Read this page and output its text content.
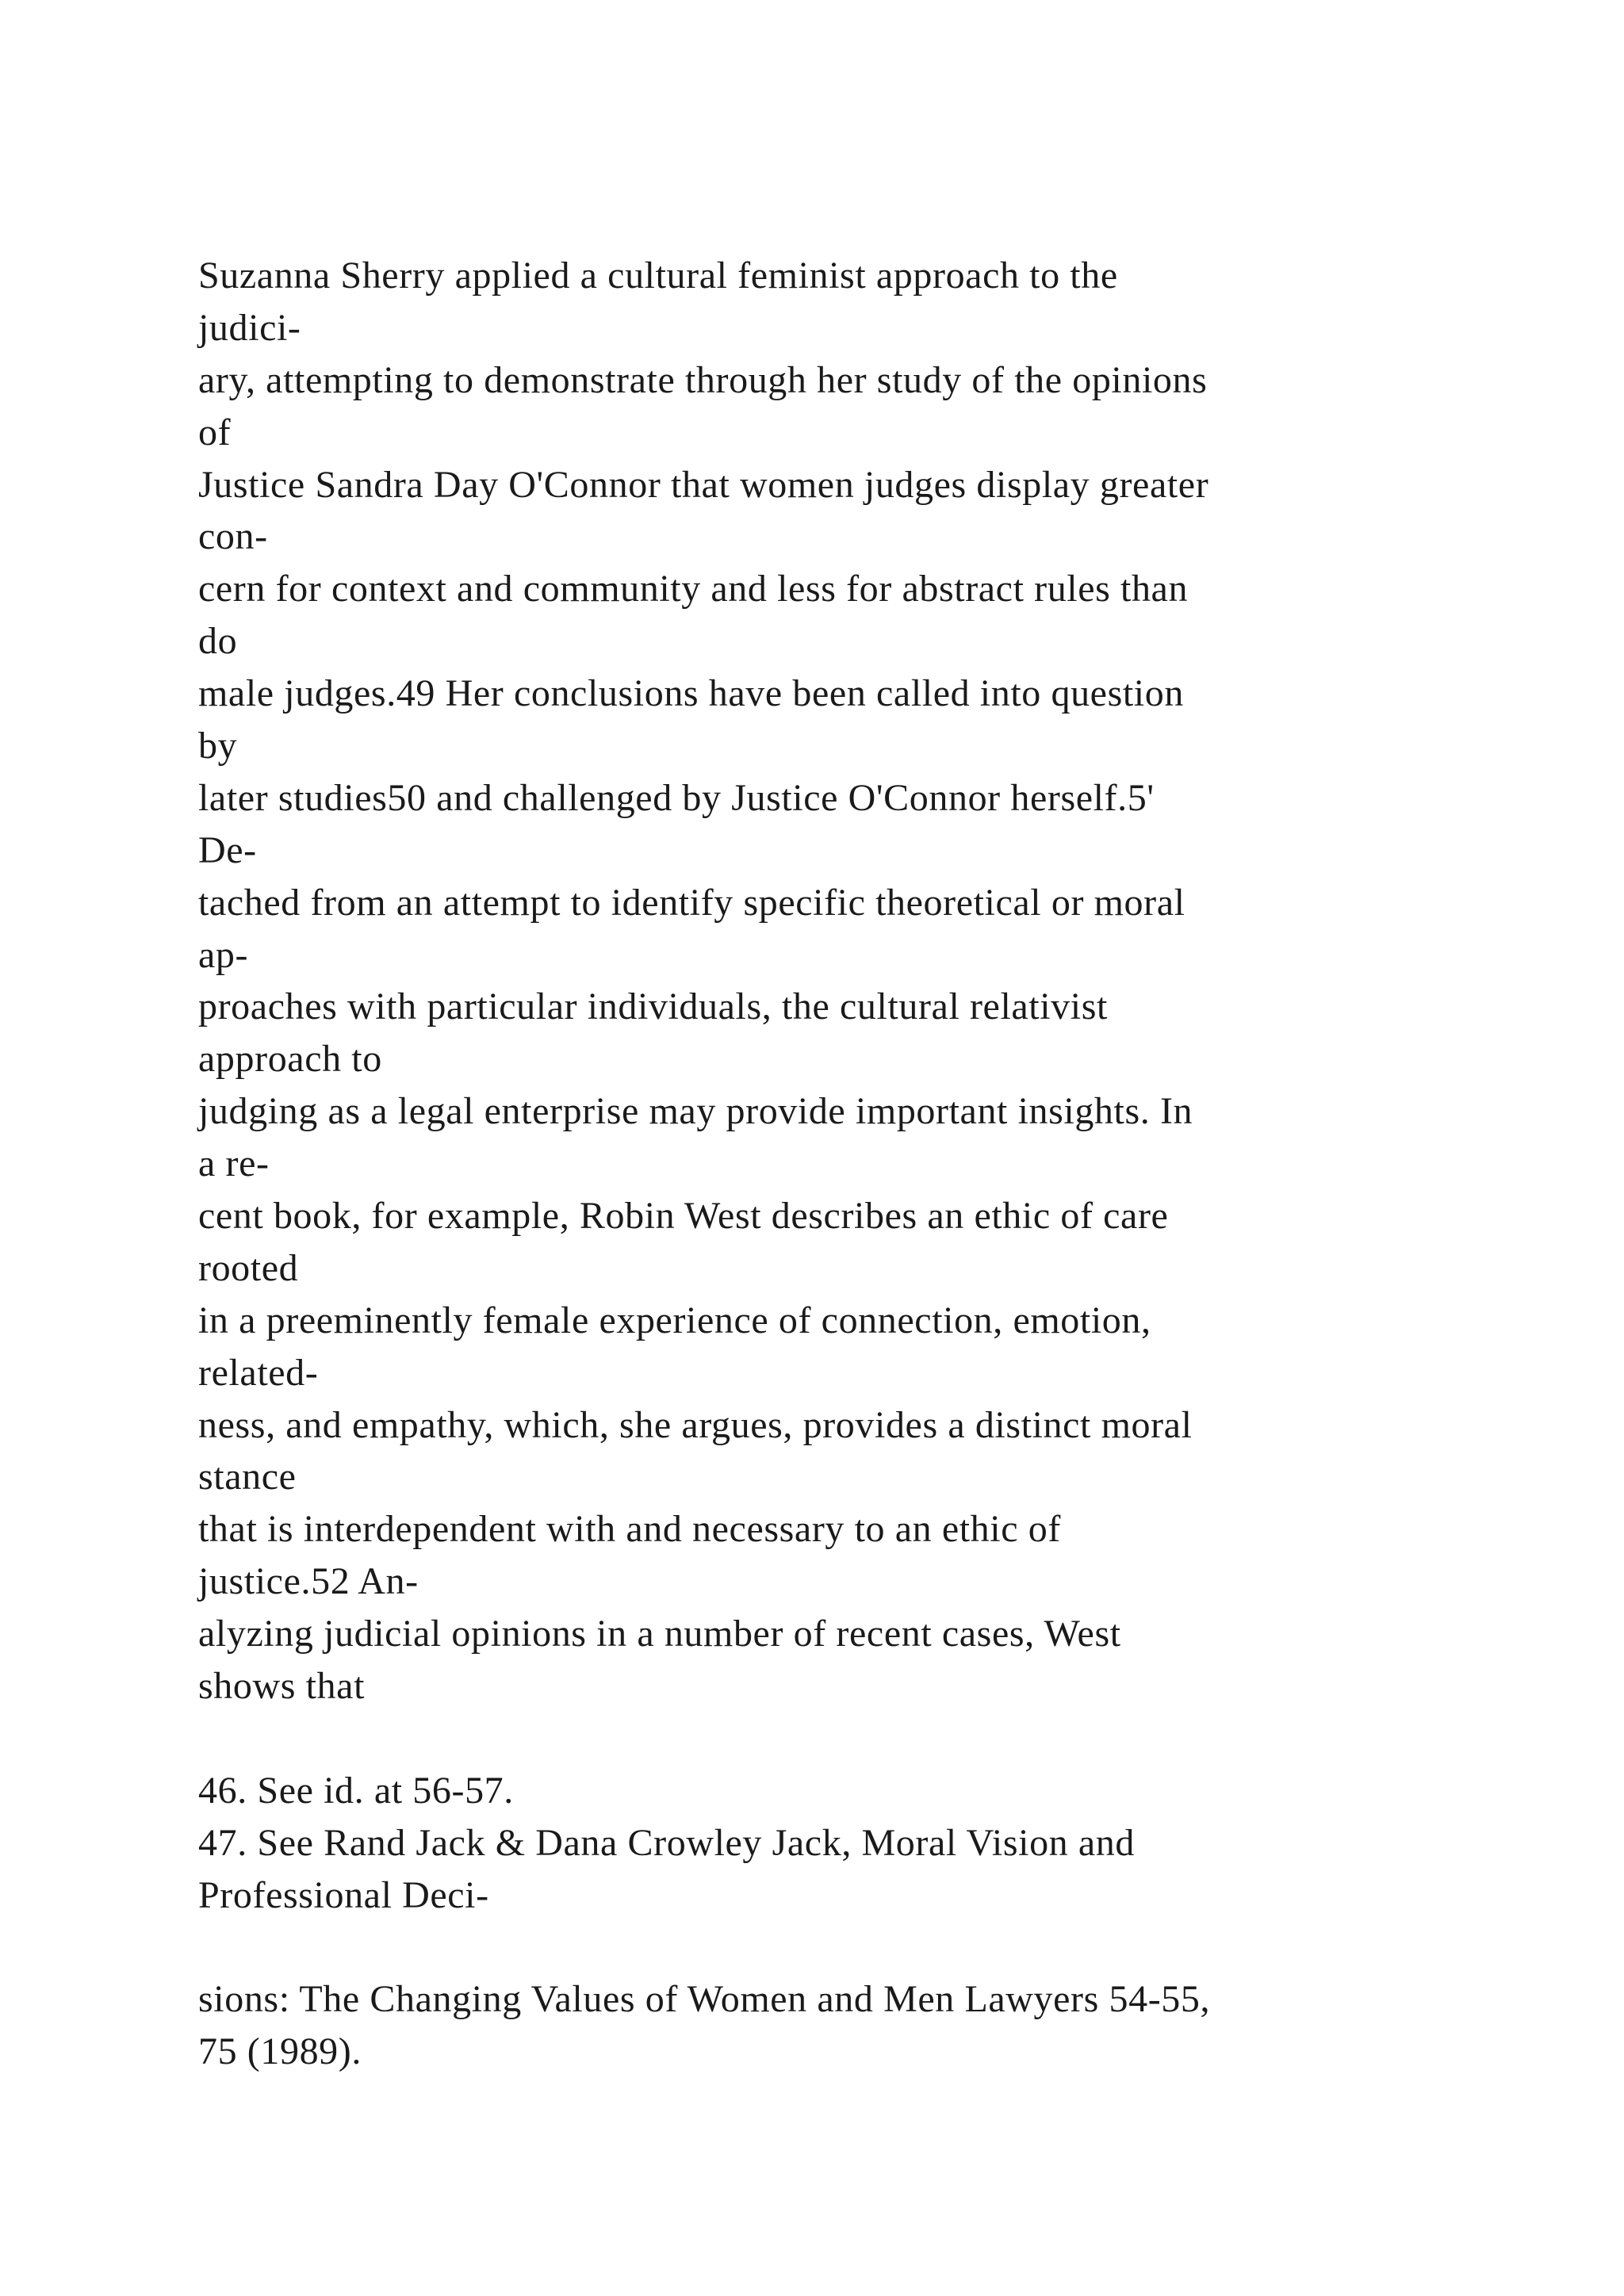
Suzanna Sherry applied a cultural feminist approach to the
judici-
ary, attempting to demonstrate through her study of the opinions
of
Justice Sandra Day O'Connor that women judges display greater
con-
cern for context and community and less for abstract rules than
do
male judges.49 Her conclusions have been called into question
by
later studies50 and challenged by Justice O'Connor herself.5'
De-
tached from an attempt to identify specific theoretical or moral
ap-
proaches with particular individuals, the cultural relativist
approach to
judging as a legal enterprise may provide important insights. In
a re-
cent book, for example, Robin West describes an ethic of care
rooted
in a preeminently female experience of connection, emotion,
related-
ness, and empathy, which, she argues, provides a distinct moral
stance
that is interdependent with and necessary to an ethic of
justice.52 An-
alyzing judicial opinions in a number of recent cases, West
shows that
46. See id. at 56-57.
47. See Rand Jack & Dana Crowley Jack, Moral Vision and
Professional Deci-
sions: The Changing Values of Women and Men Lawyers 54-55,
75 (1989).
